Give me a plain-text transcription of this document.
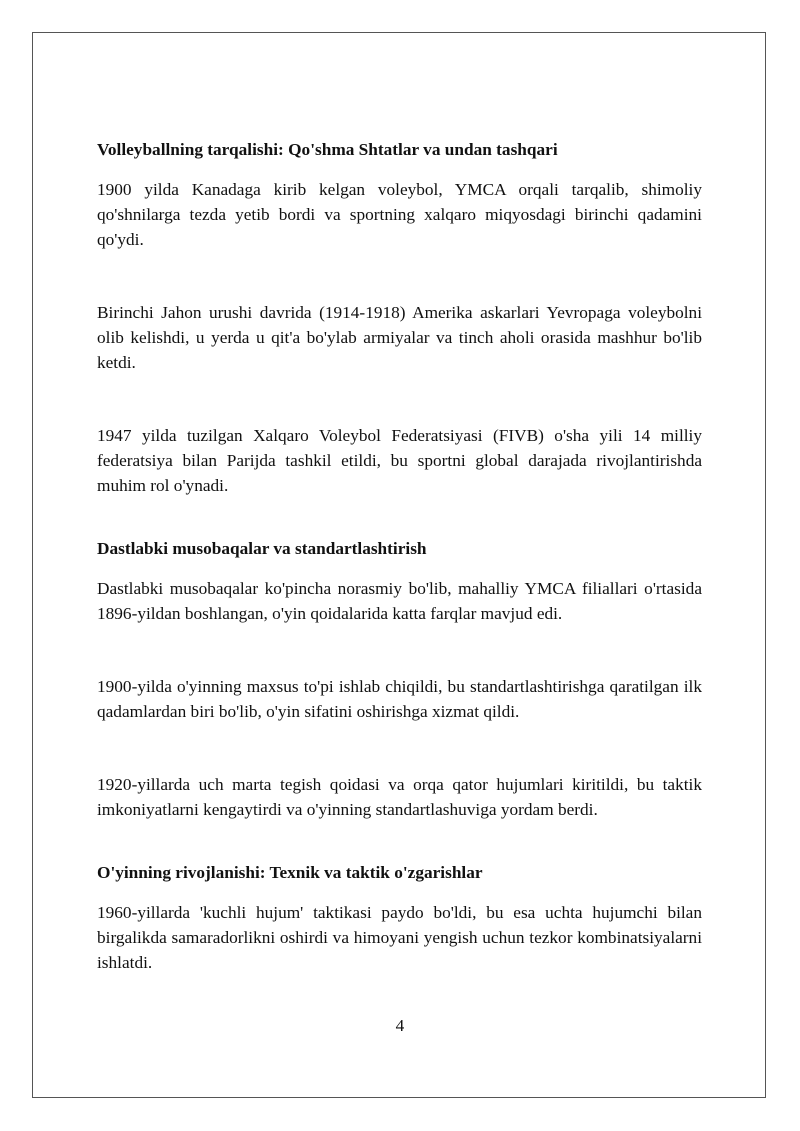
Volleyballning tarqalishi: Qo'shma Shtatlar va undan tashqari

1900 yilda Kanadaga kirib kelgan voleybol, YMCA orqali tarqalib, shimoliy qo'shnilarga tezda yetib bordi va sportning xalqaro miqyosdagi birinchi qadamini qo'ydi.

Birinchi Jahon urushi davrida (1914-1918) Amerika askarlari Yevropaga voleybolni olib kelishdi, u yerda u qit'a bo'ylab armiyalar va tinch aholi orasida mashhur bo'lib ketdi.

1947 yilda tuzilgan Xalqaro Voleybol Federatsiyasi (FIVB) o'sha yili 14 milliy federatsiya bilan Parijda tashkil etildi, bu sportni global darajada rivojlantirishda muhim rol o'ynadi.

Dastlabki musobaqalar va standartlashtirish

Dastlabki musobaqalar ko'pincha norasmiy bo'lib, mahalliy YMCA filiallari o'rtasida 1896-yildan boshlangan, o'yin qoidalarida katta farqlar mavjud edi.

1900-yilda o'yinning maxsus to'pi ishlab chiqildi, bu standartlashtirishga qaratilgan ilk qadamlardan biri bo'lib, o'yin sifatini oshirishga xizmat qildi.

1920-yillarda uch marta tegish qoidasi va orqa qator hujumlari kiritildi, bu taktik imkoniyatlarni kengaytirdi va o'yinning standartlashuviga yordam berdi.

O'yinning rivojlanishi: Texnik va taktik o'zgarishlar

1960-yillarda 'kuchli hujum' taktikasi paydo bo'ldi, bu esa uchta hujumchi bilan birgalikda samaradorlikni oshirdi va himoyani yengish uchun tezkor kombinatsiyalarni ishlatdi.

4
